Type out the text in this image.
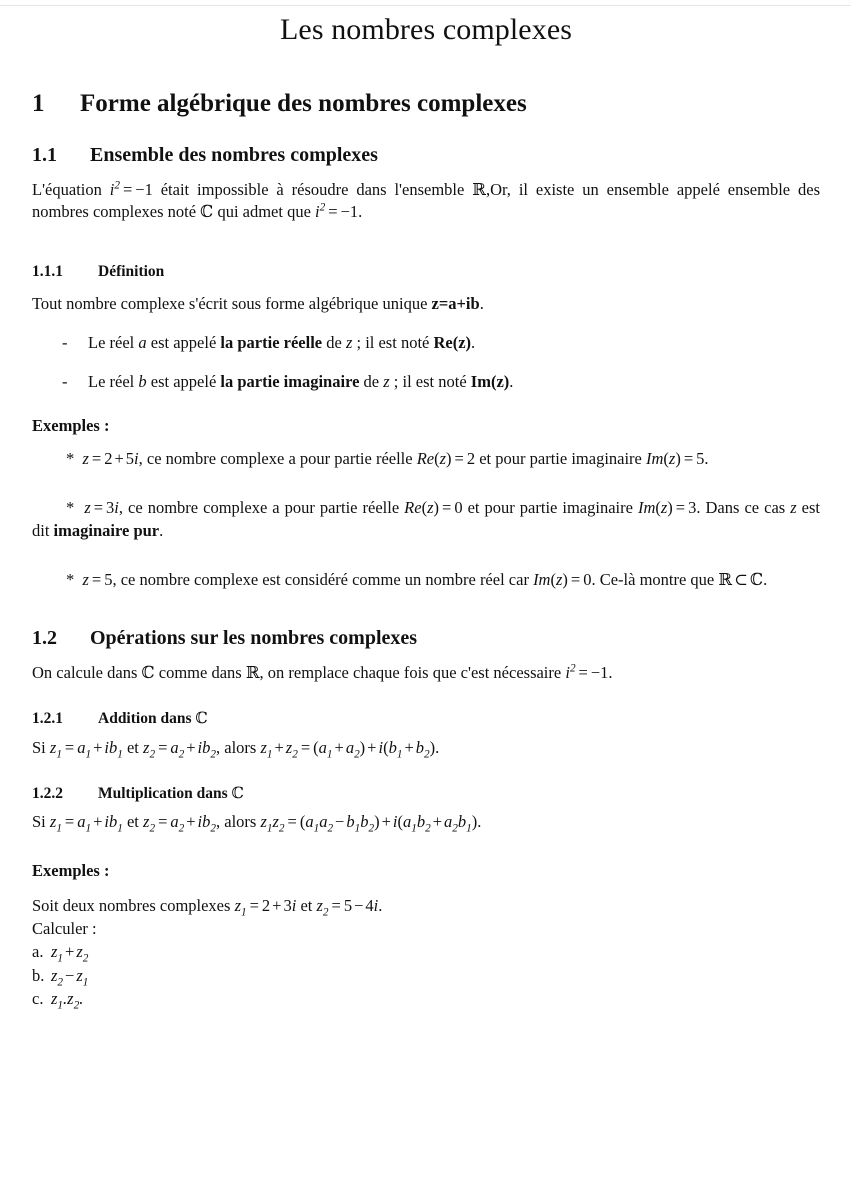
Les nombres complexes
1 Forme algébrique des nombres complexes
1.1 Ensemble des nombres complexes

L'équation $i^2 = -1$ était impossible à résoudre dans l'ensemble ℝ,Or, il existe un ensemble appelé ensemble des nombres complexes noté ℂ qui admet que $i^2 = -1$.

1.1.1 Définition

Tout nombre complexe s'écrit sous forme algébrique unique z=a+ib.

- Le réel a est appelé la partie réelle de z ; il est noté Re(z).
- Le réel b est appelé la partie imaginaire de z ; il est noté Im(z).
Exemples :

* z = 2 + 5i, ce nombre complexe a pour partie réelle Re(z) = 2 et pour partie imaginaire Im(z) = 5.

* z = 3i, ce nombre complexe a pour partie réelle Re(z) = 0 et pour partie imaginaire Im(z) = 3. Dans ce cas z est dit imaginaire pur.

* z = 5, ce nombre complexe est considéré comme un nombre réel car Im(z) = 0. Ce-là montre que ℝ ⊂ ℂ.

1.2 Opérations sur les nombres complexes

On calcule dans ℂ comme dans ℝ, on remplace chaque fois que c'est nécessaire $i^2 = -1$.

1.2.1 Addition dans ℂ

Si $z_1 = a_1 + ib_1$ et $z_2 = a_2 + ib_2$, alors $z_1 + z_2 = (a_1 + a_2) + i(b_1 + b_2)$.

1.2.2 Multiplication dans ℂ

Si $z_1 = a_1 + ib_1$ et $z_2 = a_2 + ib_2$, alors $z_1z_2 = (a_1a_2 - b_1b_2) + i(a_1b_2 + a_2b_1)$.

Exemples :

Soit deux nombres complexes $z_1 = 2 + 3i$ et $z_2 = 5 - 4i$.

Calculer :
a. $z_1 + z_2$
b. $z_2 - z_1$
c. $z_1.z_2$.
